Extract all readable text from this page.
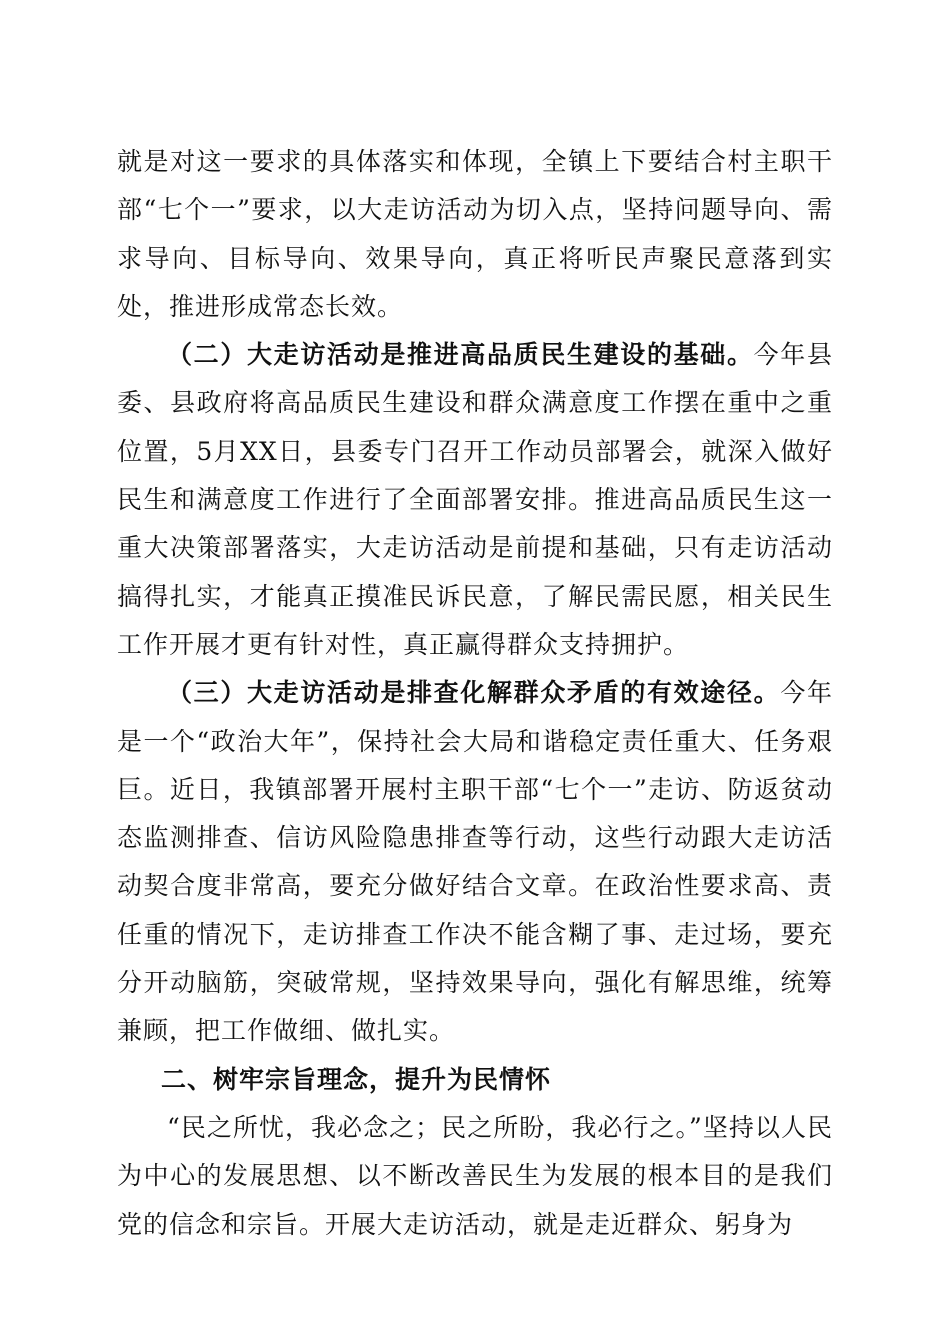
就是对这一要求的具体落实和体现，全镇上下要结合村主职干部“七个一”要求，以大走访活动为切入点，坚持问题导向、需求导向、目标导向、效果导向，真正将听民声聚民意落到实处，推进形成常态长效。

（二）大走访活动是推进高品质民生建设的基础。今年县委、县政府将高品质民生建设和群众满意度工作摆在重中之重位置，5月XX日，县委专门召开工作动员部署会，就深入做好民生和满意度工作进行了全面部署安排。推进高品质民生这一重大决策部署落实，大走访活动是前提和基础，只有走访活动搞得扎实，才能真正摸准民诉民意，了解民需民愿，相关民生工作开展才更有针对性，真正赢得群众支持拥护。

（三）大走访活动是排查化解群众矛盾的有效途径。今年是一个“政治大年”，保持社会大局和谐稳定责任重大、任务艰巨。近日，我镇部署开展村主职干部“七个一”走访、防返贫动态监测排查、信访风险隐患排查等行动，这些行动跟大走访活动契合度非常高，要充分做好结合文章。在政治性要求高、责任重的情况下，走访排查工作决不能含糊了事、走过场，要充分开动脑筋，突破常规，坚持效果导向，强化有解思维，统筹兼顾，把工作做细、做扎实。

二、树牢宗旨理念，提升为民情怀

“民之所忧，我必念之；民之所盼，我必行之。”坚持以人民为中心的发展思想、以不断改善民生为发展的根本目的是我们党的信念和宗旨。开展大走访活动，就是走近群众、躬身为
